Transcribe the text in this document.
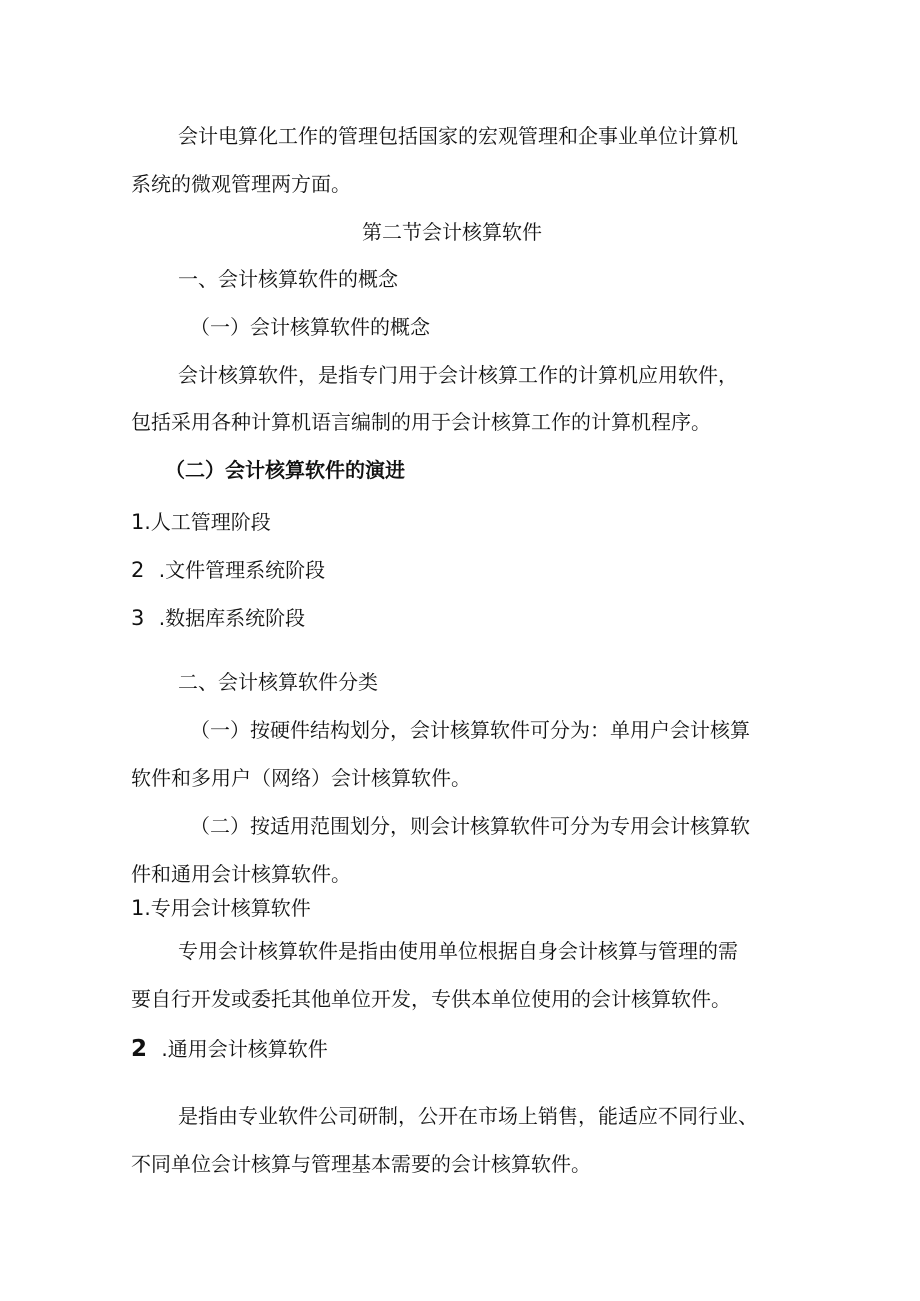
会计电算化工作的管理包括国家的宏观管理和企事业单位计算机
系统的微观管理两方面。
第二节会计核算软件
一、会计核算软件的概念
（一）会计核算软件的概念
会计核算软件，是指专门用于会计核算工作的计算机应用软件，
包括采用各种计算机语言编制的用于会计核算工作的计算机程序。
（二）会计核算软件的演进
1.人工管理阶段
2 .文件管理系统阶段
3 .数据库系统阶段
二、会计核算软件分类
（一）按硬件结构划分，会计核算软件可分为：单用户会计核算
软件和多用户（网络）会计核算软件。
（二）按适用范围划分，则会计核算软件可分为专用会计核算软
件和通用会计核算软件。
1.专用会计核算软件
专用会计核算软件是指由使用单位根据自身会计核算与管理的需
要自行开发或委托其他单位开发，专供本单位使用的会计核算软件。
2 .通用会计核算软件
是指由专业软件公司研制，公开在市场上销售，能适应不同行业、
不同单位会计核算与管理基本需要的会计核算软件。
